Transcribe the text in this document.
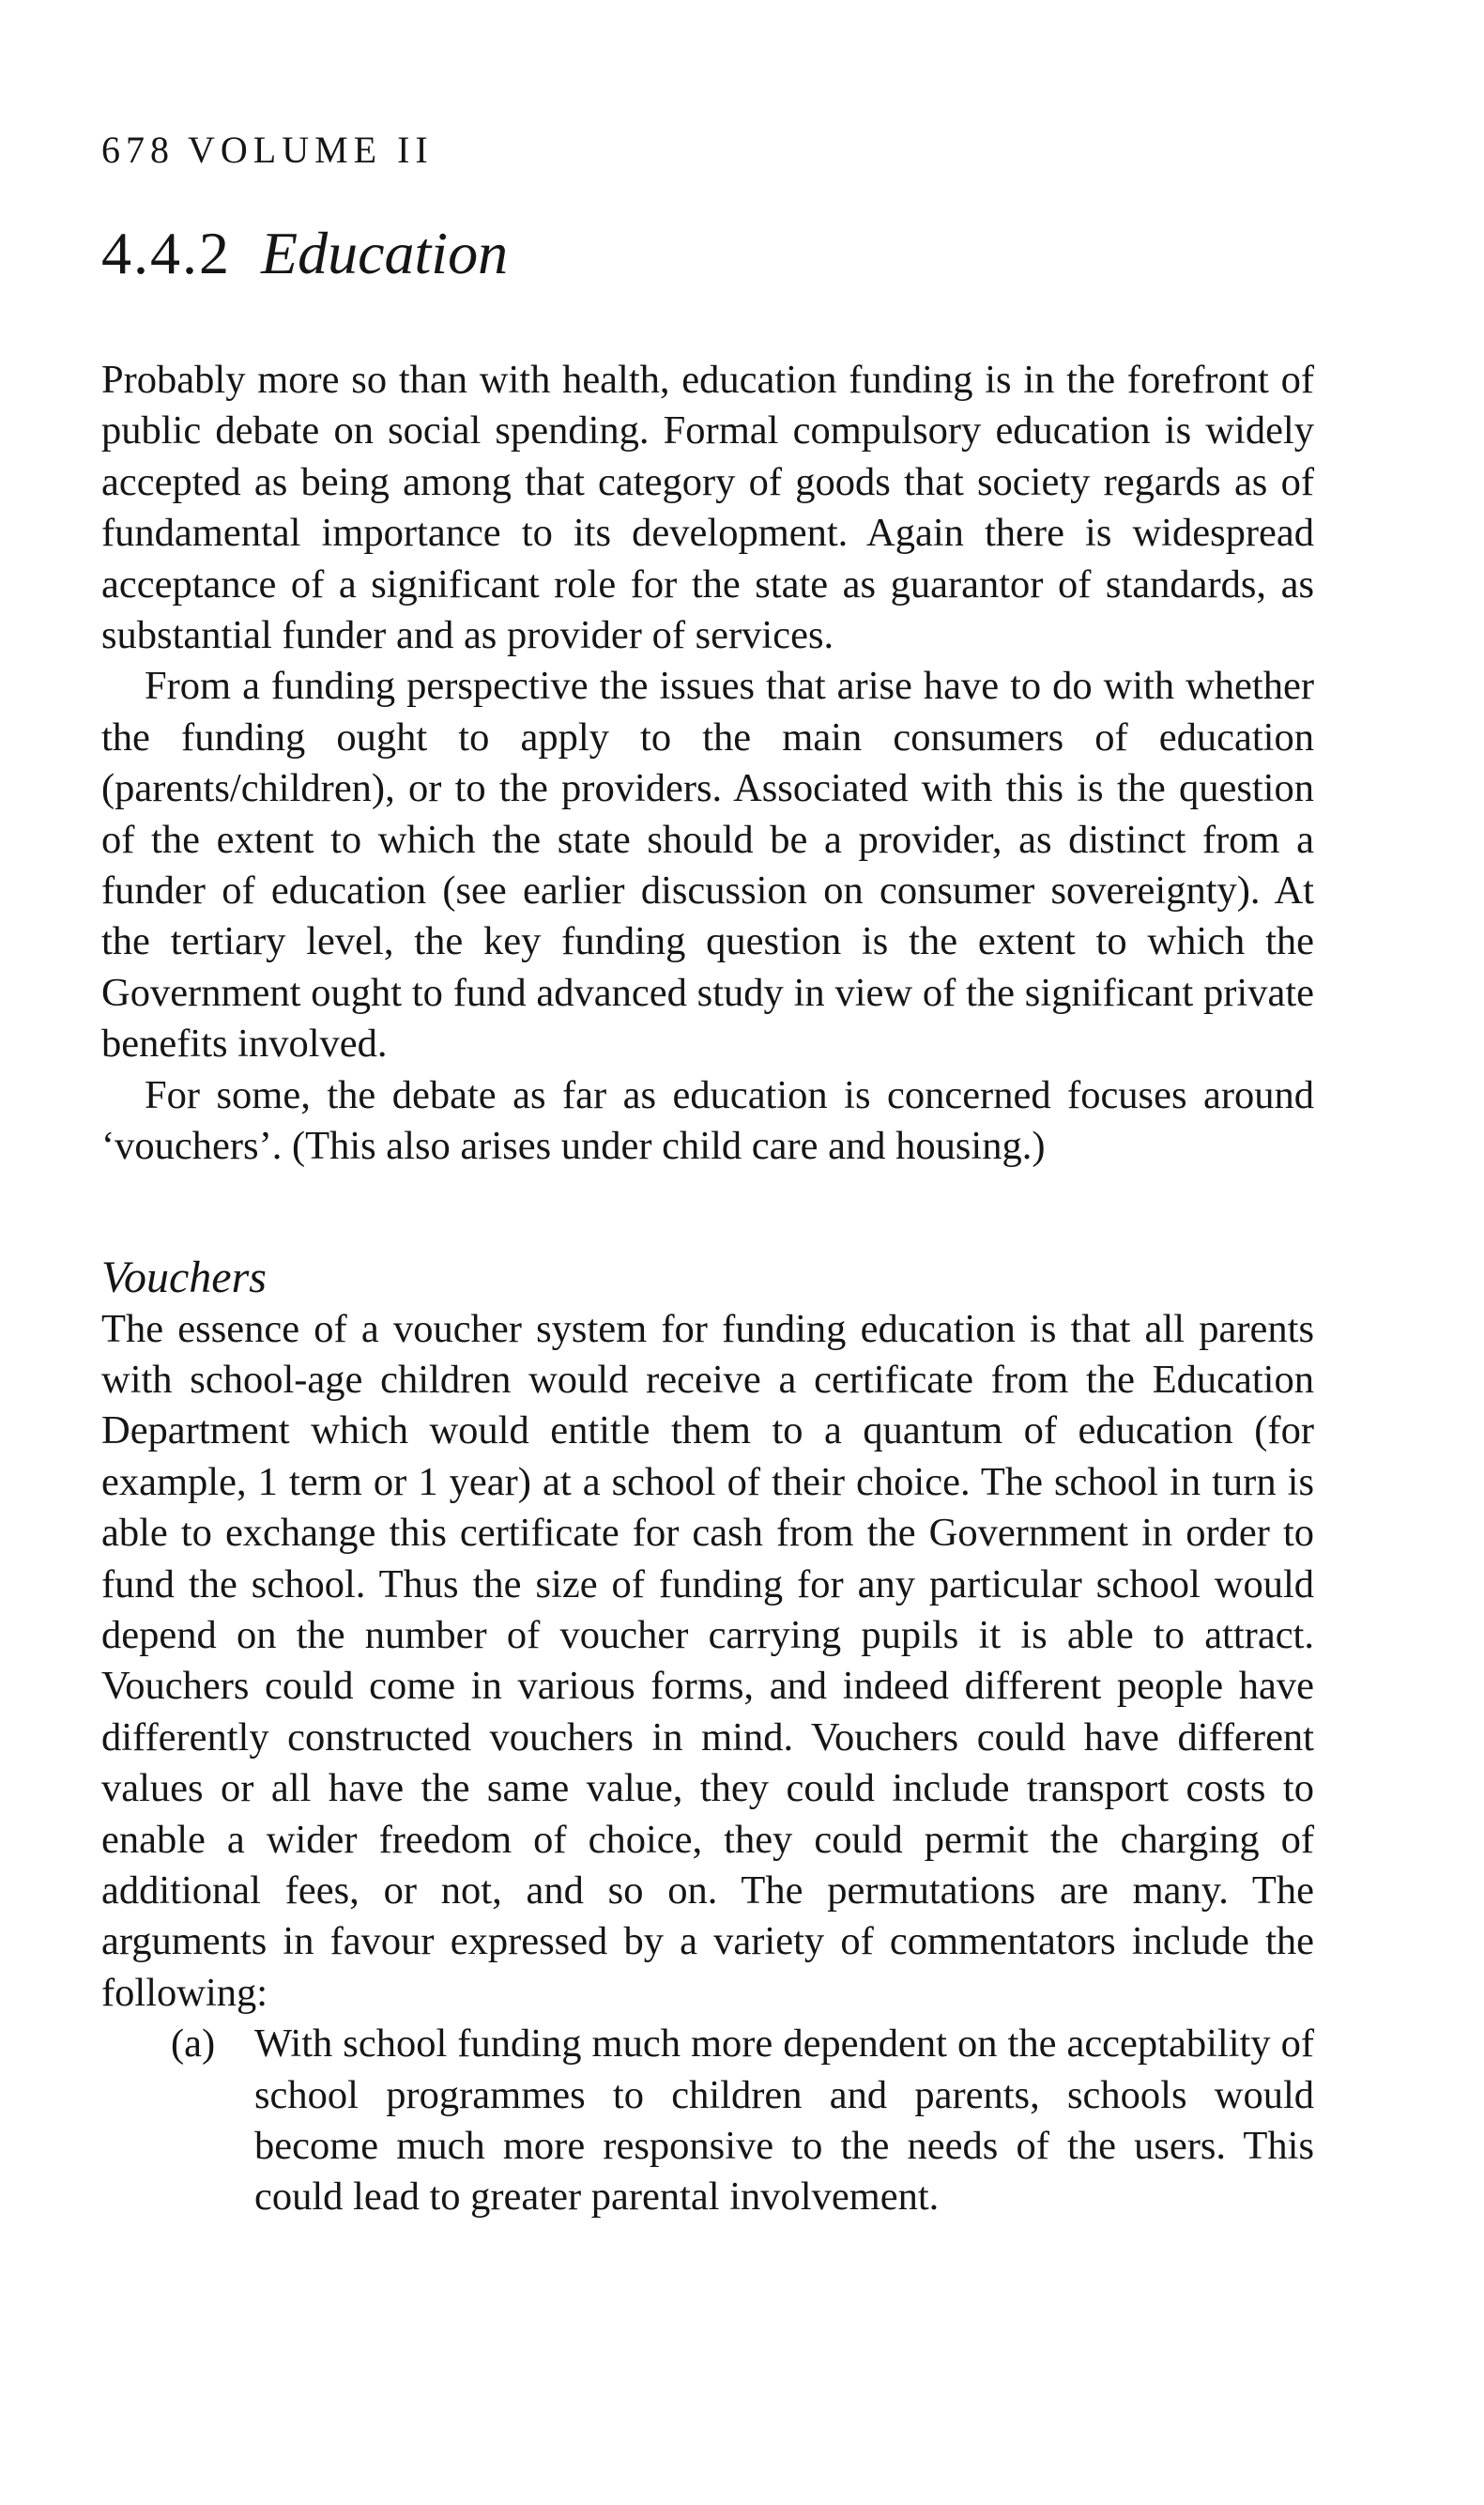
678 VOLUME II

4.4.2 Education

Probably more so than with health, education funding is in the forefront of public debate on social spending. Formal compulsory education is widely accepted as being among that category of goods that society regards as of fundamental importance to its development. Again there is widespread acceptance of a significant role for the state as guarantor of standards, as substantial funder and as provider of services.

From a funding perspective the issues that arise have to do with whether the funding ought to apply to the main consumers of education (parents/children), or to the providers. Associated with this is the question of the extent to which the state should be a provider, as distinct from a funder of education (see earlier discussion on consumer sovereignty). At the tertiary level, the key funding question is the extent to which the Government ought to fund advanced study in view of the significant private benefits involved.

For some, the debate as far as education is concerned focuses around ‘vouchers’. (This also arises under child care and housing.)

Vouchers

The essence of a voucher system for funding education is that all parents with school-age children would receive a certificate from the Education Department which would entitle them to a quantum of education (for example, 1 term or 1 year) at a school of their choice. The school in turn is able to exchange this certificate for cash from the Government in order to fund the school. Thus the size of funding for any particular school would depend on the number of voucher carrying pupils it is able to attract. Vouchers could come in various forms, and indeed different people have differently constructed vouchers in mind. Vouchers could have different values or all have the same value, they could include transport costs to enable a wider freedom of choice, they could permit the charging of additional fees, or not, and so on. The permutations are many. The arguments in favour expressed by a variety of commentators include the following:

(a) With school funding much more dependent on the acceptability of school programmes to children and parents, schools would become much more responsive to the needs of the users. This could lead to greater parental involvement.
